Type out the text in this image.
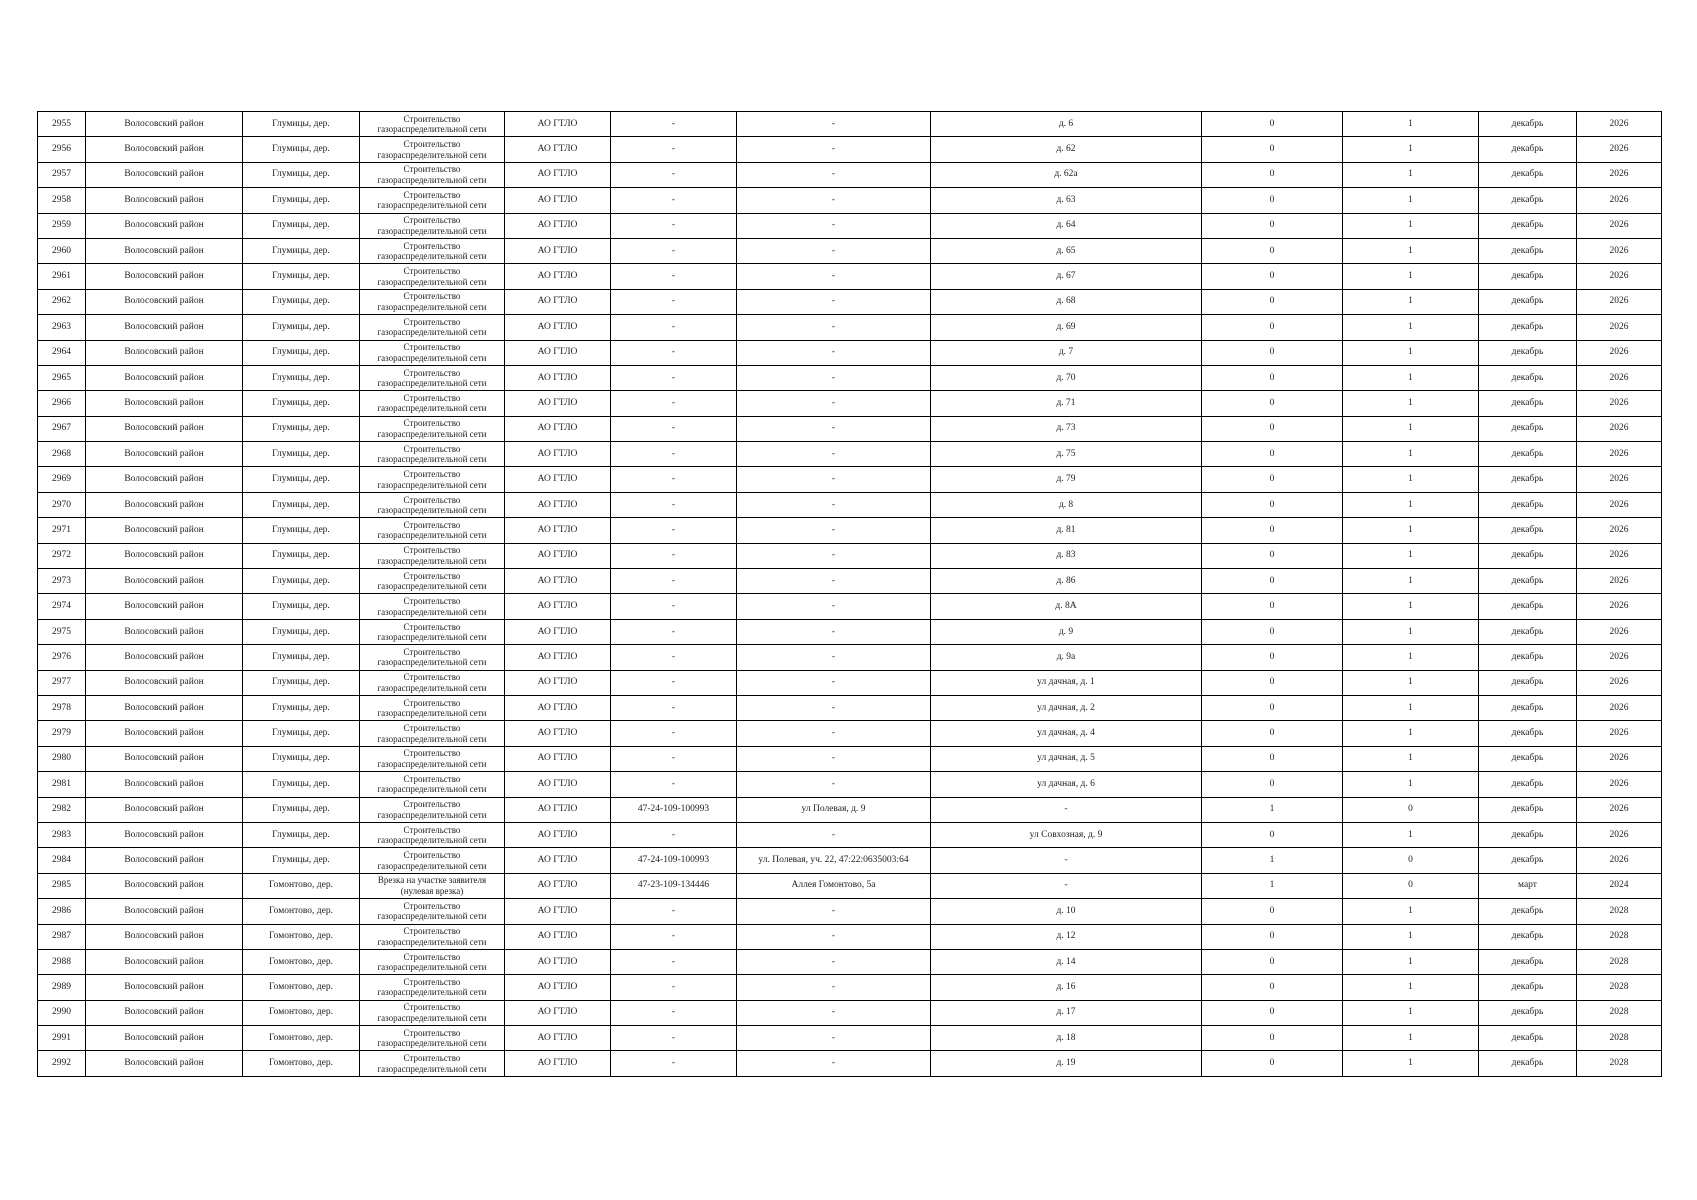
2955	Волосовский район	Глумицы, дер.	Строительство
газораспределительной сети	АО ГТЛО	-	-	д. 6	0	1	декабрь	2026
2956	Волосовский район	Глумицы, дер.	Строительство
газораспределительной сети	АО ГТЛО	-	-	д. 62	0	1	декабрь	2026
2957	Волосовский район	Глумицы, дер.	Строительство
газораспределительной сети	АО ГТЛО	-	-	д. 62а	0	1	декабрь	2026
2958	Волосовский район	Глумицы, дер.	Строительство
газораспределительной сети	АО ГТЛО	-	-	д. 63	0	1	декабрь	2026
2959	Волосовский район	Глумицы, дер.	Строительство
газораспределительной сети	АО ГТЛО	-	-	д. 64	0	1	декабрь	2026
2960	Волосовский район	Глумицы, дер.	Строительство
газораспределительной сети	АО ГТЛО	-	-	д. 65	0	1	декабрь	2026
2961	Волосовский район	Глумицы, дер.	Строительство
газораспределительной сети	АО ГТЛО	-	-	д. 67	0	1	декабрь	2026
2962	Волосовский район	Глумицы, дер.	Строительство
газораспределительной сети	АО ГТЛО	-	-	д. 68	0	1	декабрь	2026
2963	Волосовский район	Глумицы, дер.	Строительство
газораспределительной сети	АО ГТЛО	-	-	д. 69	0	1	декабрь	2026
2964	Волосовский район	Глумицы, дер.	Строительство
газораспределительной сети	АО ГТЛО	-	-	д. 7	0	1	декабрь	2026
2965	Волосовский район	Глумицы, дер.	Строительство
газораспределительной сети	АО ГТЛО	-	-	д. 70	0	1	декабрь	2026
2966	Волосовский район	Глумицы, дер.	Строительство
газораспределительной сети	АО ГТЛО	-	-	д. 71	0	1	декабрь	2026
2967	Волосовский район	Глумицы, дер.	Строительство
газораспределительной сети	АО ГТЛО	-	-	д. 73	0	1	декабрь	2026
2968	Волосовский район	Глумицы, дер.	Строительство
газораспределительной сети	АО ГТЛО	-	-	д. 75	0	1	декабрь	2026
2969	Волосовский район	Глумицы, дер.	Строительство
газораспределительной сети	АО ГТЛО	-	-	д. 79	0	1	декабрь	2026
2970	Волосовский район	Глумицы, дер.	Строительство
газораспределительной сети	АО ГТЛО	-	-	д. 8	0	1	декабрь	2026
2971	Волосовский район	Глумицы, дер.	Строительство
газораспределительной сети	АО ГТЛО	-	-	д. 81	0	1	декабрь	2026
2972	Волосовский район	Глумицы, дер.	Строительство
газораспределительной сети	АО ГТЛО	-	-	д. 83	0	1	декабрь	2026
2973	Волосовский район	Глумицы, дер.	Строительство
газораспределительной сети	АО ГТЛО	-	-	д. 86	0	1	декабрь	2026
2974	Волосовский район	Глумицы, дер.	Строительство
газораспределительной сети	АО ГТЛО	-	-	д. 8А	0	1	декабрь	2026
2975	Волосовский район	Глумицы, дер.	Строительство
газораспределительной сети	АО ГТЛО	-	-	д. 9	0	1	декабрь	2026
2976	Волосовский район	Глумицы, дер.	Строительство
газораспределительной сети	АО ГТЛО	-	-	д. 9а	0	1	декабрь	2026
2977	Волосовский район	Глумицы, дер.	Строительство
газораспределительной сети	АО ГТЛО	-	-	ул дачная, д. 1	0	1	декабрь	2026
2978	Волосовский район	Глумицы, дер.	Строительство
газораспределительной сети	АО ГТЛО	-	-	ул дачная, д. 2	0	1	декабрь	2026
2979	Волосовский район	Глумицы, дер.	Строительство
газораспределительной сети	АО ГТЛО	-	-	ул дачная, д. 4	0	1	декабрь	2026
2980	Волосовский район	Глумицы, дер.	Строительство
газораспределительной сети	АО ГТЛО	-	-	ул дачная, д. 5	0	1	декабрь	2026
2981	Волосовский район	Глумицы, дер.	Строительство
газораспределительной сети	АО ГТЛО	-	-	ул дачная, д. 6	0	1	декабрь	2026
2982	Волосовский район	Глумицы, дер.	Строительство
газораспределительной сети	АО ГТЛО	47-24-109-100993	ул Полевая, д. 9	-	1	0	декабрь	2026
2983	Волосовский район	Глумицы, дер.	Строительство
газораспределительной сети	АО ГТЛО	-	-	ул Совхозная, д. 9	0	1	декабрь	2026
2984	Волосовский район	Глумицы, дер.	Строительство
газораспределительной сети	АО ГТЛО	47-24-109-100993	ул. Полевая, уч. 22, 47:22:0635003:64	-	1	0	декабрь	2026
2985	Волосовский район	Гомонтово, дер.	Врезка на участке заявителя
(нулевая врезка)	АО ГТЛО	47-23-109-134446	Аллея Гомонтово, 5а	-	1	0	март	2024
2986	Волосовский район	Гомонтово, дер.	Строительство
газораспределительной сети	АО ГТЛО	-	-	д. 10	0	1	декабрь	2028
2987	Волосовский район	Гомонтово, дер.	Строительство
газораспределительной сети	АО ГТЛО	-	-	д. 12	0	1	декабрь	2028
2988	Волосовский район	Гомонтово, дер.	Строительство
газораспределительной сети	АО ГТЛО	-	-	д. 14	0	1	декабрь	2028
2989	Волосовский район	Гомонтово, дер.	Строительство
газораспределительной сети	АО ГТЛО	-	-	д. 16	0	1	декабрь	2028
2990	Волосовский район	Гомонтово, дер.	Строительство
газораспределительной сети	АО ГТЛО	-	-	д. 17	0	1	декабрь	2028
2991	Волосовский район	Гомонтово, дер.	Строительство
газораспределительной сети	АО ГТЛО	-	-	д. 18	0	1	декабрь	2028
2992	Волосовский район	Гомонтово, дер.	Строительство
газораспределительной сети	АО ГТЛО	-	-	д. 19	0	1	декабрь	2028
